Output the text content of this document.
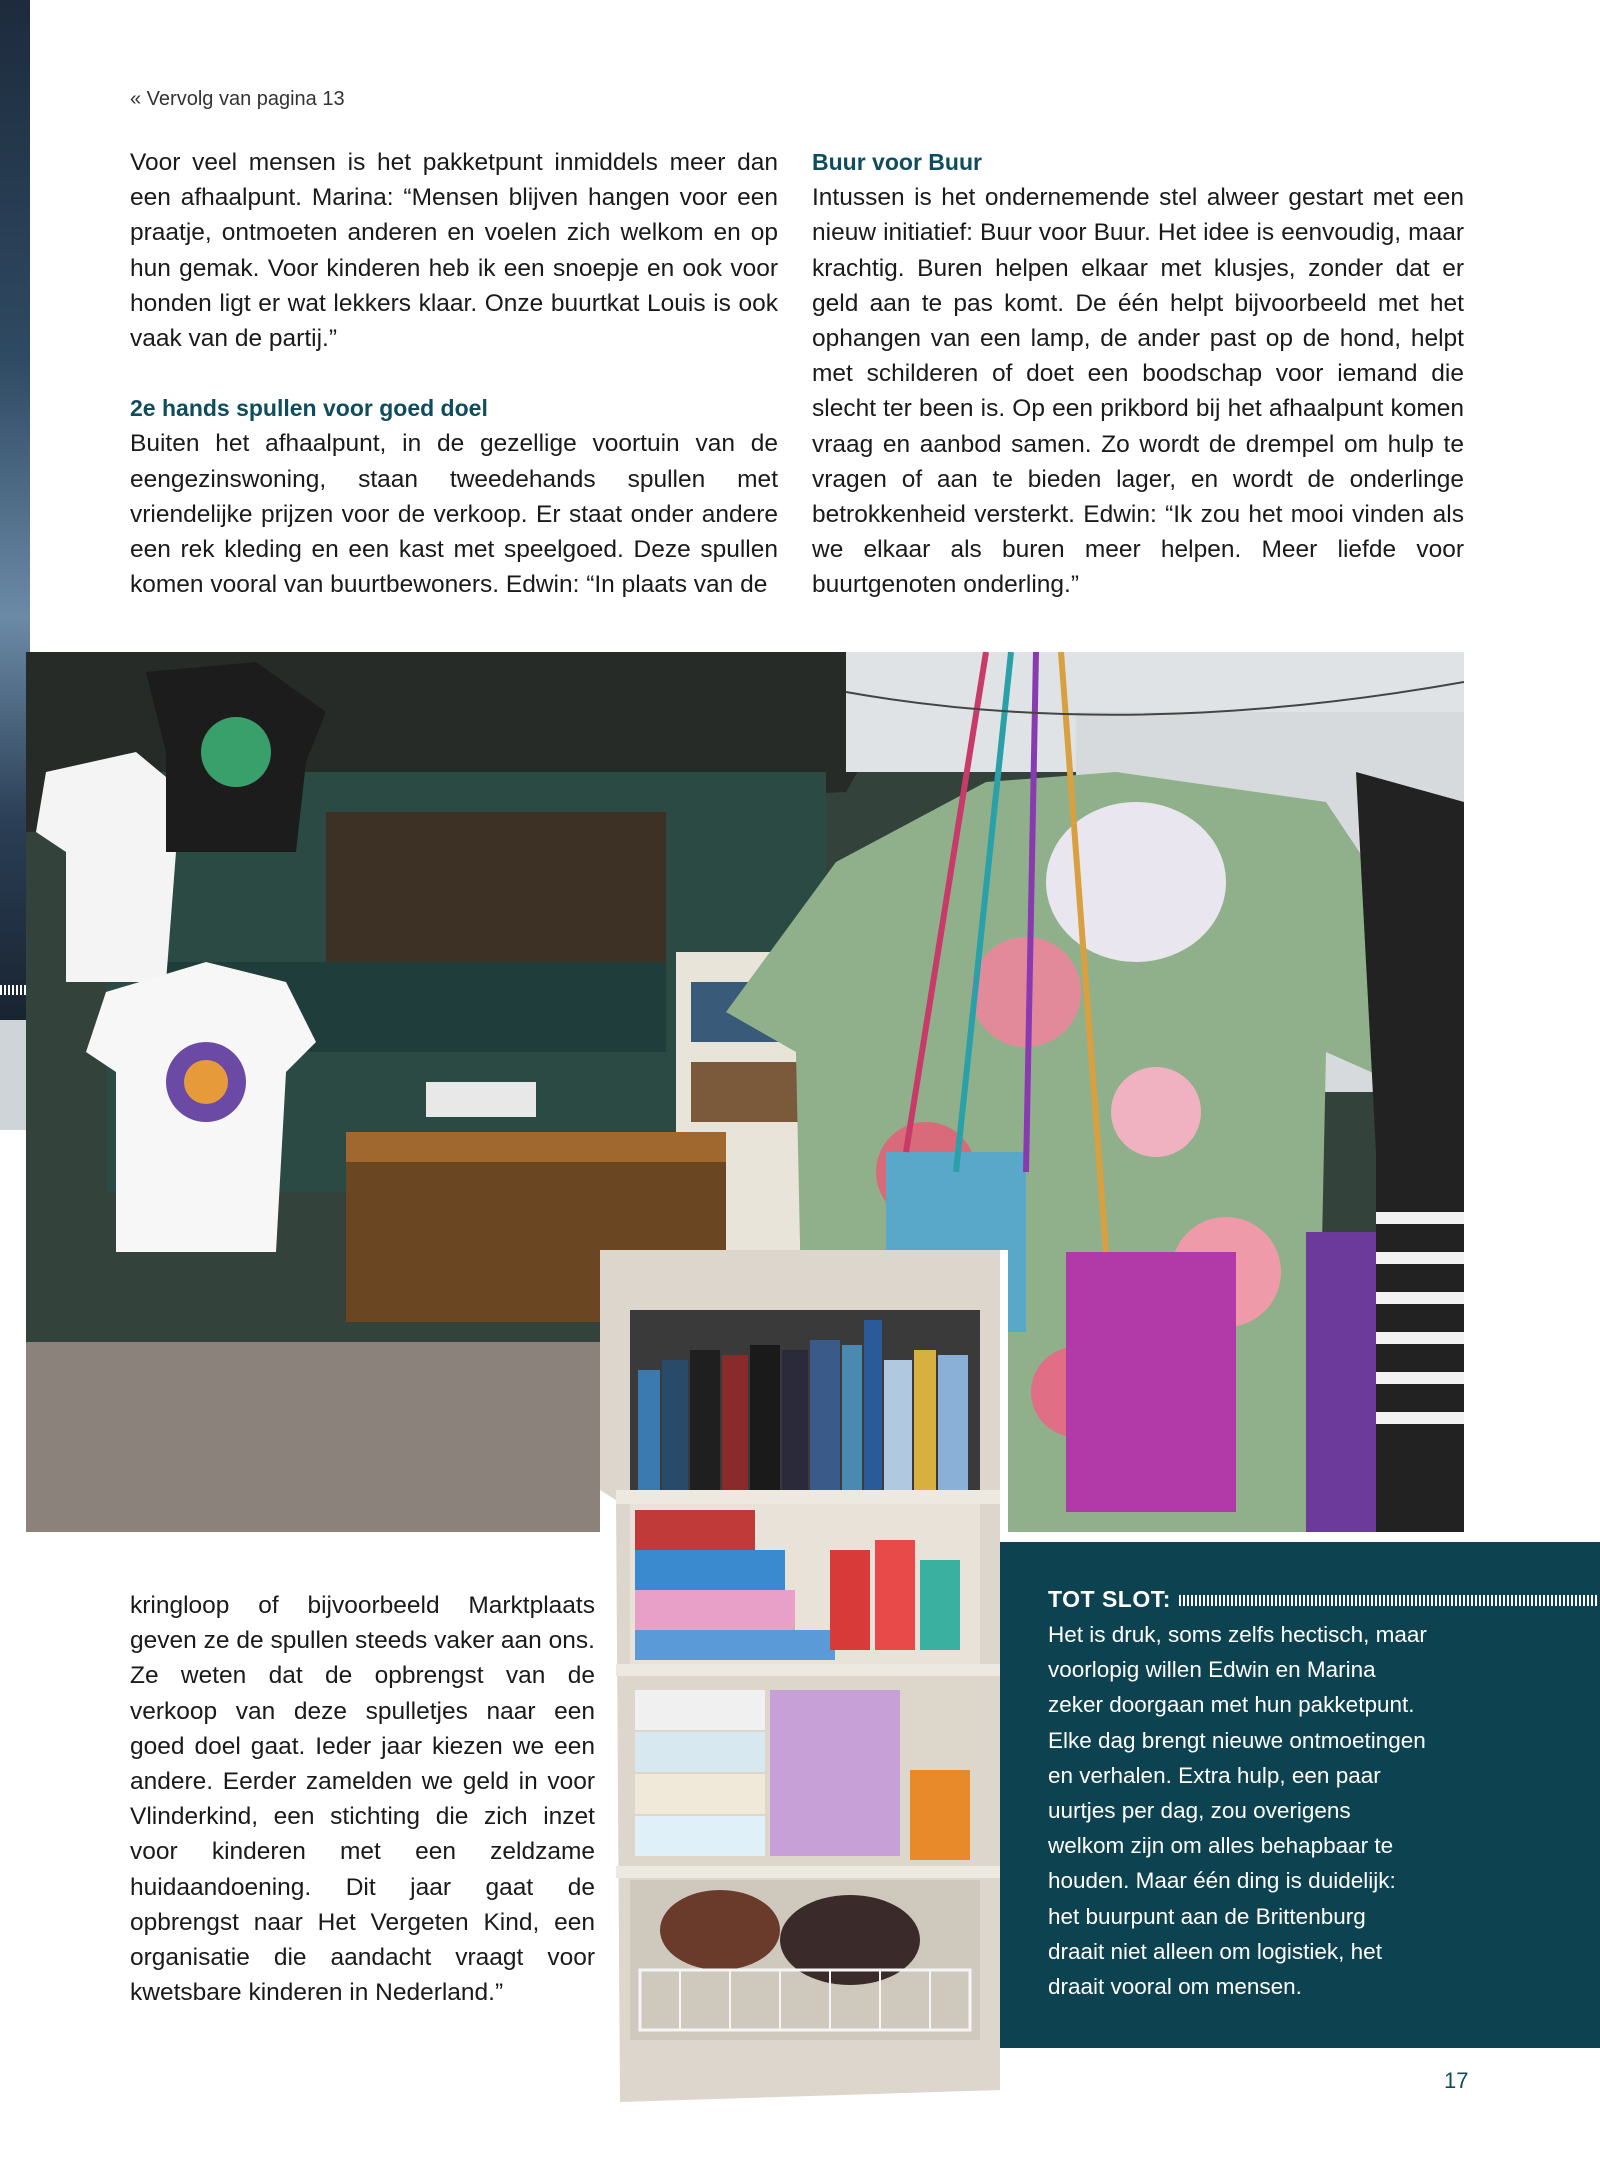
« Vervolg van pagina 13

Voor veel mensen is het pakketpunt inmiddels meer dan een afhaalpunt. Marina: “Mensen blijven hangen voor een praatje, ontmoeten anderen en voelen zich welkom en op hun gemak. Voor kinderen heb ik een snoepje en ook voor honden ligt er wat lekkers klaar. Onze buurtkat Louis is ook vaak van de partij.”

2e hands spullen voor goed doel

Buiten het afhaalpunt, in de gezellige voortuin van de eengezinswoning, staan tweedehands spullen met vriendelijke prijzen voor de verkoop. Er staat onder andere een rek kleding en een kast met speelgoed. Deze spullen komen vooral van buurtbewoners. Edwin: “In plaats van de

Buur voor Buur

Intussen is het ondernemende stel alweer gestart met een nieuw initiatief: Buur voor Buur. Het idee is eenvoudig, maar krachtig. Buren helpen elkaar met klusjes, zonder dat er geld aan te pas komt. De één helpt bijvoorbeeld met het ophangen van een lamp, de ander past op de hond, helpt met schilderen of doet een boodschap voor iemand die slecht ter been is. Op een prikbord bij het afhaalpunt komen vraag en aanbod samen. Zo wordt de drempel om hulp te vragen of aan te bieden lager, en wordt de onderlinge betrokkenheid versterkt. Edwin: “Ik zou het mooi vinden als we elkaar als buren meer helpen. Meer liefde voor buurtgenoten onderling.”

kringloop of bijvoorbeeld Marktplaats geven ze de spullen steeds vaker aan ons. Ze weten dat de opbrengst van de verkoop van deze spulletjes naar een goed doel gaat. Ieder jaar kiezen we een andere. Eerder zamelden we geld in voor Vlinderkind, een stichting die zich inzet voor kinderen met een zeldzame huidaandoening. Dit jaar gaat de opbrengst naar Het Vergeten Kind, een organisatie die aandacht vraagt voor kwetsbare kinderen in Nederland.”

TOT SLOT:
Het is druk, soms zelfs hectisch, maar voorlopig willen Edwin en Marina zeker doorgaan met hun pakketpunt. Elke dag brengt nieuwe ontmoetingen en verhalen. Extra hulp, een paar uurtjes per dag, zou overigens welkom zijn om alles behapbaar te houden. Maar één ding is duidelijk: het buurpunt aan de Brittenburg draait niet alleen om logistiek, het draait vooral om mensen.
17
